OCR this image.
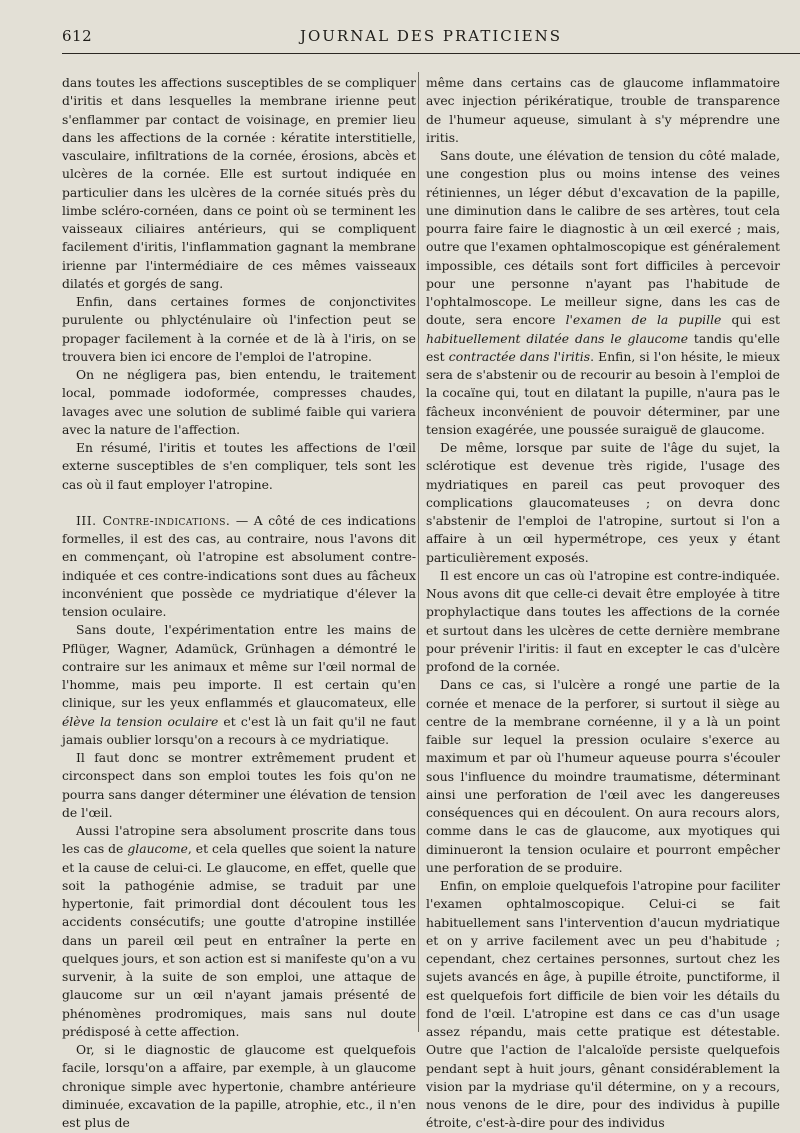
612	JOURNAL DES PRATICIENS

dans toutes les affections susceptibles de se compliquer d'iritis et dans lesquelles la membrane irienne peut s'enflammer par contact de voisinage, en premier lieu dans les affections de la cornée : kératite interstitielle, vasculaire, infiltrations de la cornée, érosions, abcès et ulcères de la cornée. Elle est surtout indiquée en particulier dans les ulcères de la cornée situés près du limbe scléro-cornéen, dans ce point où se terminent les vaisseaux ciliaires antérieurs, qui se compliquent facilement d'iritis, l'inflammation gagnant la membrane irienne par l'intermédiaire de ces mêmes vaisseaux dilatés et gorgés de sang.

Enfin, dans certaines formes de conjonctivites purulente ou phlycténulaire où l'infection peut se propager facilement à la cornée et de là à l'iris, on se trouvera bien ici encore de l'emploi de l'atropine.

On ne négligera pas, bien entendu, le traitement local, pommade iodoformée, compresses chaudes, lavages avec une solution de sublimé faible qui variera avec la nature de l'affection.

En résumé, l'iritis et toutes les affections de l'œil externe susceptibles de s'en compliquer, tels sont les cas où il faut employer l'atropine.

III. Contre-indications. — A côté de ces indications formelles, il est des cas, au contraire, nous l'avons dit en commençant, où l'atropine est absolument contre-indiquée et ces contre-indications sont dues au fâcheux inconvénient que possède ce mydriatique d'élever la tension oculaire.

Sans doute, l'expérimentation entre les mains de Pflüger, Wagner, Adamück, Grünhagen a démontré le contraire sur les animaux et même sur l'œil normal de l'homme, mais peu importe. Il est certain qu'en clinique, sur les yeux enflammés et glaucomateux, elle élève la tension oculaire et c'est là un fait qu'il ne faut jamais oublier lorsqu'on a recours à ce mydriatique.

Il faut donc se montrer extrêmement prudent et circonspect dans son emploi toutes les fois qu'on ne pourra sans danger déterminer une élévation de tension de l'œil.

Aussi l'atropine sera absolument proscrite dans tous les cas de glaucome, et cela quelles que soient la nature et la cause de celui-ci. Le glaucome, en effet, quelle que soit la pathogénie admise, se traduit par une hypertonie, fait primordial dont découlent tous les accidents consécutifs; une goutte d'atropine instillée dans un pareil œil peut en entraîner la perte en quelques jours, et son action est si manifeste qu'on a vu survenir, à la suite de son emploi, une attaque de glaucome sur un œil n'ayant jamais présenté de phénomènes prodromiques, mais sans nul doute prédisposé à cette affection.

Or, si le diagnostic de glaucome est quelquefois facile, lorsqu'on a affaire, par exemple, à un glaucome chronique simple avec hypertonie, chambre antérieure diminuée, excavation de la papille, atrophie, etc., il n'en est plus de

même dans certains cas de glaucome inflammatoire avec injection périkératique, trouble de transparence de l'humeur aqueuse, simulant à s'y méprendre une iritis.

Sans doute, une élévation de tension du côté malade, une congestion plus ou moins intense des veines rétiniennes, un léger début d'excavation de la papille, une diminution dans le calibre de ses artères, tout cela pourra faire faire le diagnostic à un œil exercé ; mais, outre que l'examen ophtalmoscopique est généralement impossible, ces détails sont fort difficiles à percevoir pour une personne n'ayant pas l'habitude de l'ophtalmoscope. Le meilleur signe, dans les cas de doute, sera encore l'examen de la pupille qui est habituellement dilatée dans le glaucome tandis qu'elle est contractée dans l'iritis. Enfin, si l'on hésite, le mieux sera de s'abstenir ou de recourir au besoin à l'emploi de la cocaïne qui, tout en dilatant la pupille, n'aura pas le fâcheux inconvénient de pouvoir déterminer, par une tension exagérée, une poussée suraiguë de glaucome.

De même, lorsque par suite de l'âge du sujet, la sclérotique est devenue très rigide, l'usage des mydriatiques en pareil cas peut provoquer des complications glaucomateuses ; on devra donc s'abstenir de l'emploi de l'atropine, surtout si l'on a affaire à un œil hypermétrope, ces yeux y étant particulièrement exposés.

Il est encore un cas où l'atropine est contre-indiquée. Nous avons dit que celle-ci devait être employée à titre prophylactique dans toutes les affections de la cornée et surtout dans les ulcères de cette dernière membrane pour prévenir l'iritis: il faut en excepter le cas d'ulcère profond de la cornée.

Dans ce cas, si l'ulcère a rongé une partie de la cornée et menace de la perforer, si surtout il siège au centre de la membrane cornéenne, il y a là un point faible sur lequel la pression oculaire s'exerce au maximum et par où l'humeur aqueuse pourra s'écouler sous l'influence du moindre traumatisme, déterminant ainsi une perforation de l'œil avec les dangereuses conséquences qui en découlent. On aura recours alors, comme dans le cas de glaucome, aux myotiques qui diminueront la tension oculaire et pourront empêcher une perforation de se produire.

Enfin, on emploie quelquefois l'atropine pour faciliter l'examen ophtalmoscopique. Celui-ci se fait habituellement sans l'intervention d'aucun mydriatique et on y arrive facilement avec un peu d'habitude ; cependant, chez certaines personnes, surtout chez les sujets avancés en âge, à pupille étroite, punctiforme, il est quelquefois fort difficile de bien voir les détails du fond de l'œil. L'atropine est dans ce cas d'un usage assez répandu, mais cette pratique est détestable. Outre que l'action de l'alcaloïde persiste quelquefois pendant sept à huit jours, gênant considérablement la vision par la mydriase qu'il détermine, on y a recours, nous venons de le dire, pour des individus à pupille étroite, c'est-à-dire pour des individus
